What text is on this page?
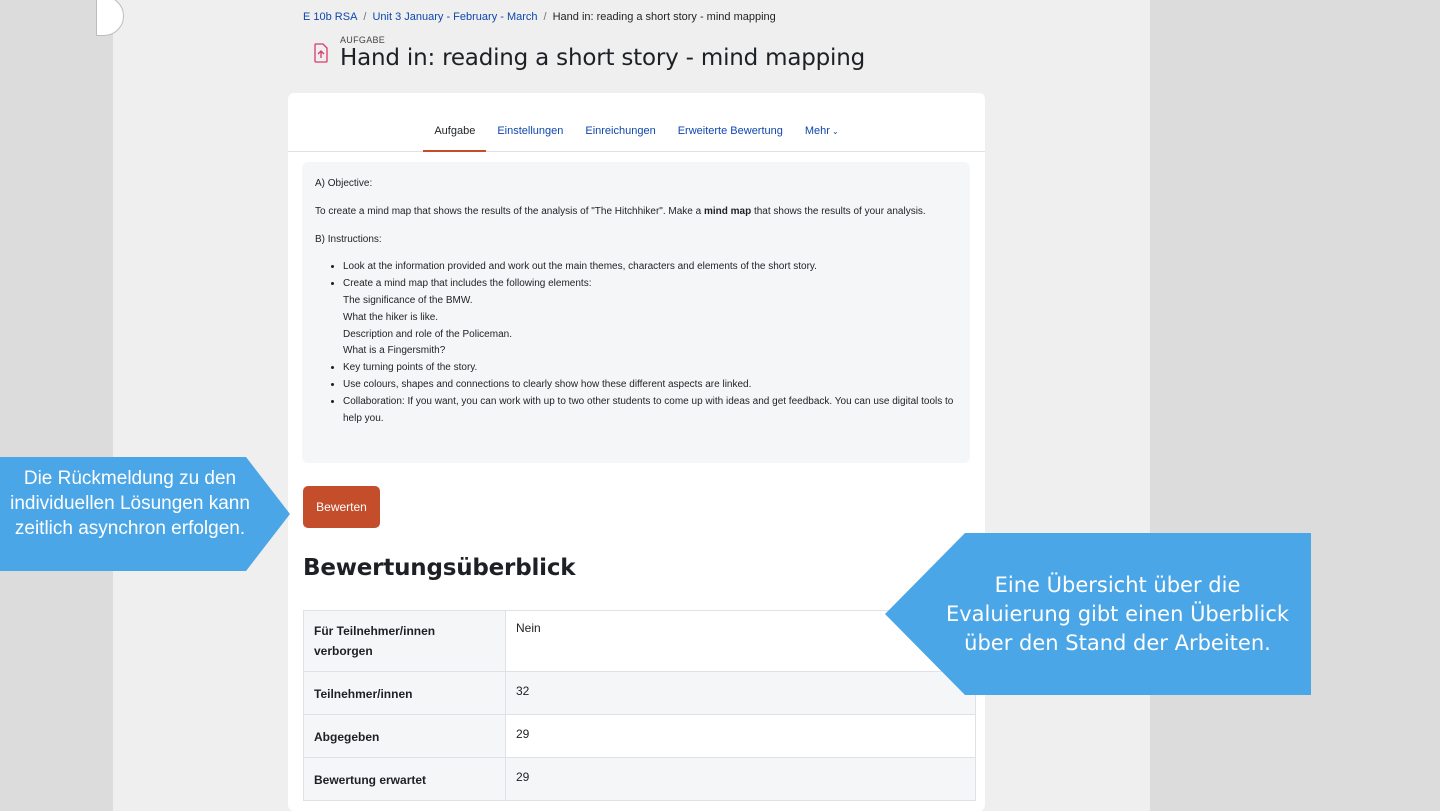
E 10b RSA / Unit 3 January - February - March / Hand in: reading a short story - mind mapping
AUFGABE
Hand in: reading a short story - mind mapping
Aufgabe	Einstellungen	Einreichungen	Erweiterte Bewertung	Mehr ⌄

A) Objective:

To create a mind map that shows the results of the analysis of "The Hitchhiker". Make a mind map that shows the results of your analysis.

B) Instructions:

• Look at the information provided and work out the main themes, characters and elements of the short story.
• Create a mind map that includes the following elements:
The significance of the BMW.
What the hiker is like.
Description and role of the Policeman.
What is a Fingersmith?
• Key turning points of the story.
• Use colours, shapes and connections to clearly show how these different aspects are linked.
• Collaboration: If you want, you can work with up to two other students to come up with ideas and get feedback. You can use digital tools to help you.
Bewerten
Bewertungsüberblick
Für Teilnehmer/innen verborgen	Nein
Teilnehmer/innen	32
Abgegeben	29
Bewertung erwartet	29
Die Rückmeldung zu den individuellen Lösungen kann zeitlich asynchron erfolgen.
Eine Übersicht über die Evaluierung gibt einen Überblick über den Stand der Arbeiten.
